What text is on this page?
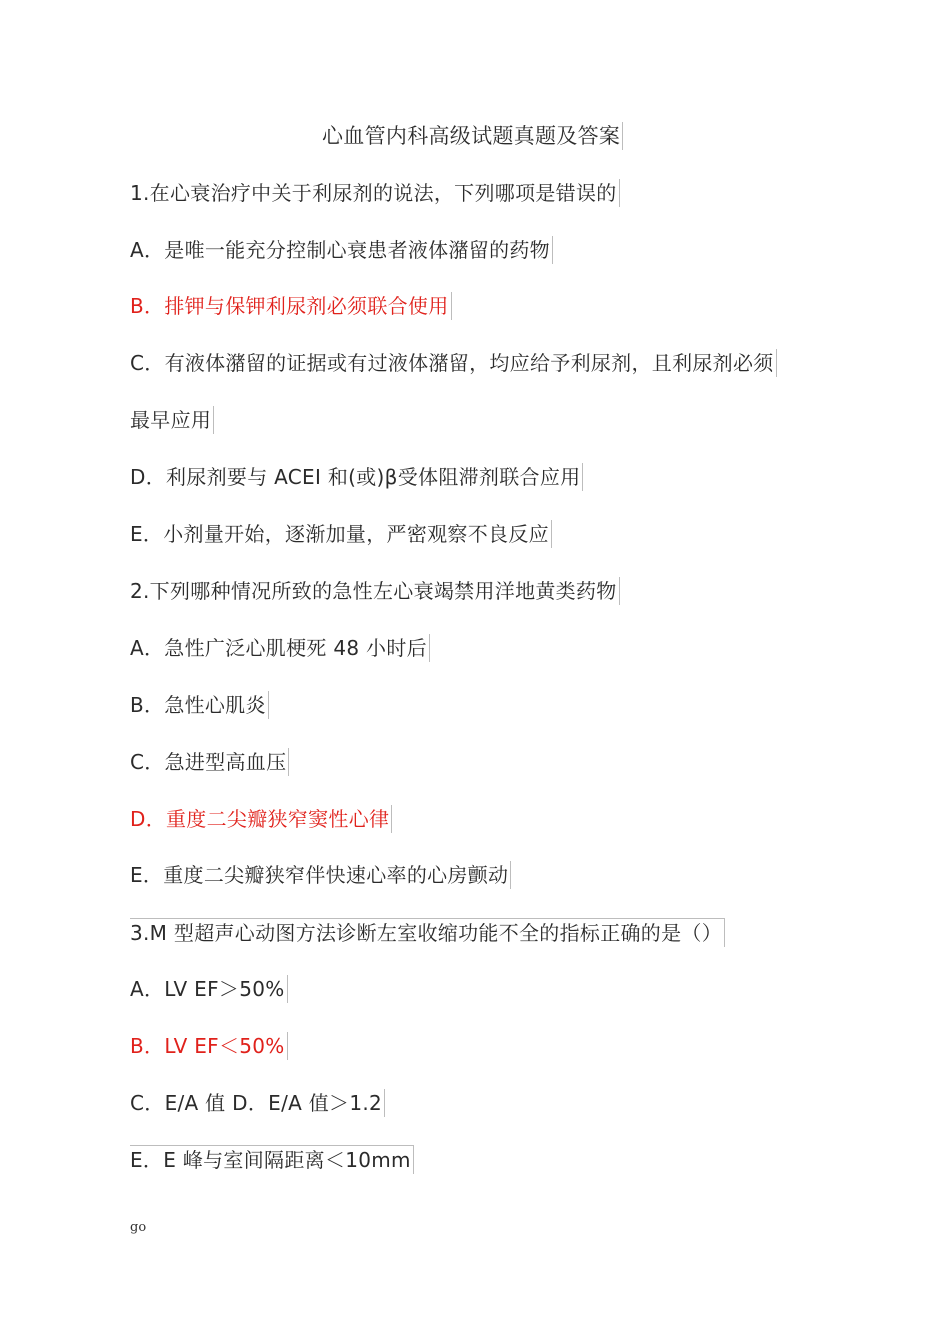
心血管内科高级试题真题及答案
1.在心衰治疗中关于利尿剂的说法，下列哪项是错误的
A．是唯一能充分控制心衰患者液体潴留的药物
B．排钾与保钾利尿剂必须联合使用
C．有液体潴留的证据或有过液体潴留，均应给予利尿剂，且利尿剂必须
最早应用
D．利尿剂要与 ACEI 和(或)β受体阻滞剂联合应用
E．小剂量开始，逐渐加量，严密观察不良反应
2.下列哪种情况所致的急性左心衰竭禁用洋地黄类药物
A．急性广泛心肌梗死 48 小时后
B．急性心肌炎
C．急进型高血压
D．重度二尖瓣狭窄窦性心律
E．重度二尖瓣狭窄伴快速心率的心房颤动
3.M 型超声心动图方法诊断左室收缩功能不全的指标正确的是（）
A．LV EF＞50%
B．LV EF＜50%
C．E/A 值 D．E/A 值＞1.2
E．E 峰与室间隔距离＜10mm
go
